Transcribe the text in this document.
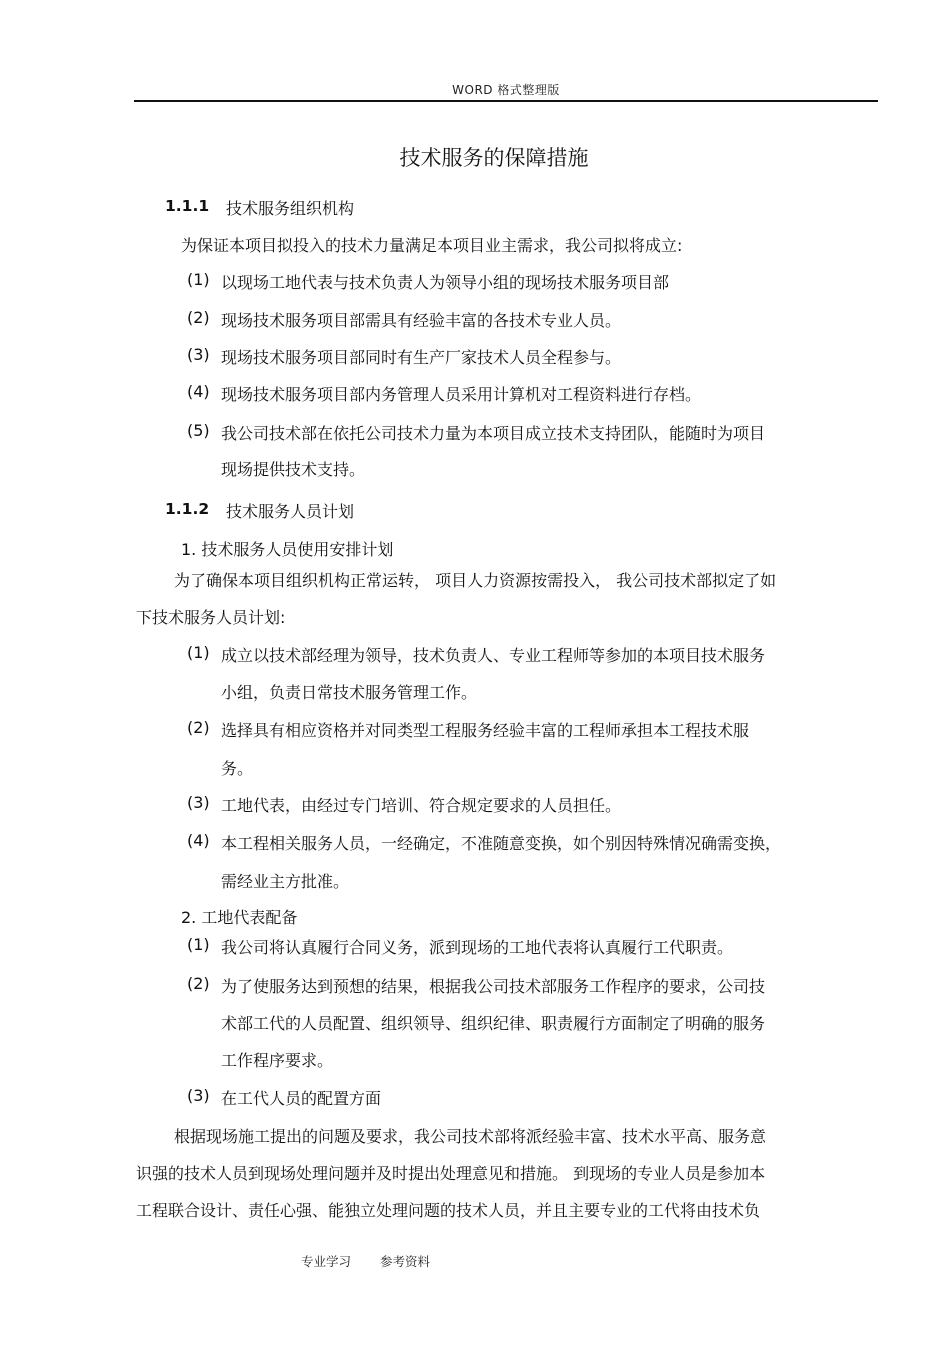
WORD 格式整理版
技术服务的保障措施
1.1.1 技术服务组织机构
为保证本项目拟投入的技术力量满足本项目业主需求，我公司拟将成立:
(1) 以现场工地代表与技术负责人为领导小组的现场技术服务项目部
(2) 现场技术服务项目部需具有经验丰富的各技术专业人员。
(3) 现场技术服务项目部同时有生产厂家技术人员全程参与。
(4) 现场技术服务项目部内务管理人员采用计算机对工程资料进行存档。
(5) 我公司技术部在依托公司技术力量为本项目成立技术支持团队，能随时为项目
现场提供技术支持。
1.1.2 技术服务人员计划
1. 技术服务人员使用安排计划
为了确保本项目组织机构正常运转， 项目人力资源按需投入， 我公司技术部拟定了如
下技术服务人员计划:
(1) 成立以技术部经理为领导，技术负责人、专业工程师等参加的本项目技术服务
小组，负责日常技术服务管理工作。
(2) 选择具有相应资格并对同类型工程服务经验丰富的工程师承担本工程技术服
务。
(3) 工地代表，由经过专门培训、符合规定要求的人员担任。
(4) 本工程相关服务人员，一经确定，不准随意变换，如个别因特殊情况确需变换，
需经业主方批准。
2. 工地代表配备
(1) 我公司将认真履行合同义务，派到现场的工地代表将认真履行工代职责。
(2) 为了使服务达到预想的结果，根据我公司技术部服务工作程序的要求，公司技
术部工代的人员配置、组织领导、组织纪律、职责履行方面制定了明确的服务
工作程序要求。
(3) 在工代人员的配置方面
根据现场施工提出的问题及要求，我公司技术部将派经验丰富、技术水平高、服务意
识强的技术人员到现场处理问题并及时提出处理意见和措施。 到现场的专业人员是参加本
工程联合设计、责任心强、能独立处理问题的技术人员，并且主要专业的工代将由技术负
专业学习 参考资料
